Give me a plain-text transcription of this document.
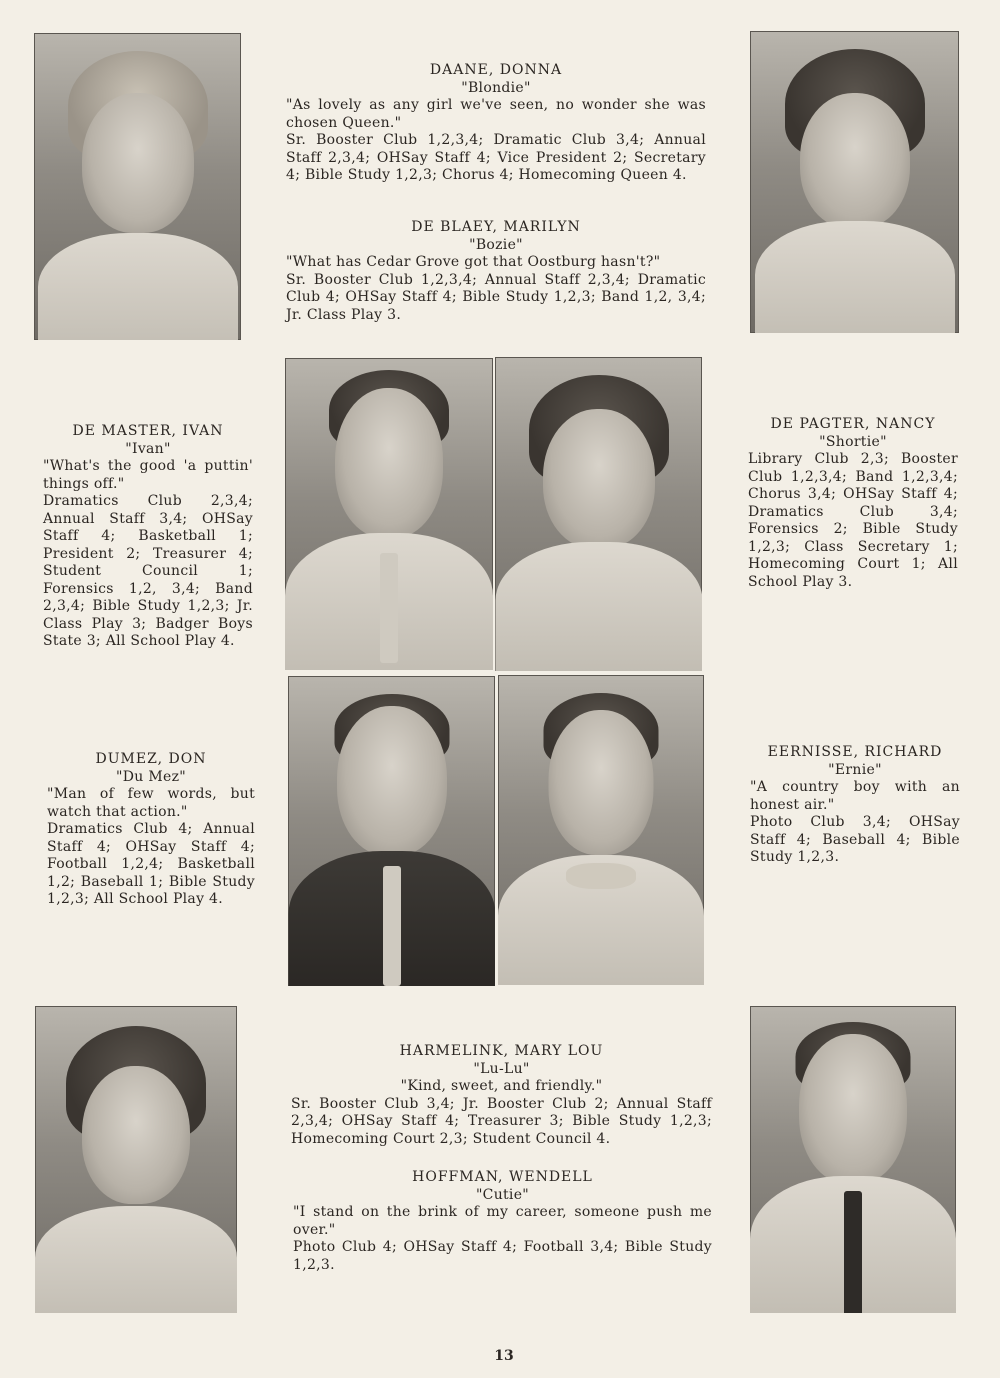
DAANE, DONNA
"Blondie"

"As lovely as any girl we've seen, no wonder she was chosen Queen."

Sr. Booster Club 1,2,3,4; Dramatic Club 3,4; Annual Staff 2,3,4; OHSay Staff 4; Vice President 2; Secretary 4; Bible Study 1,2,3; Chorus 4; Homecoming Queen 4.

DE BLAEY, MARILYN
"Bozie"

"What has Cedar Grove got that Oostburg hasn't?"

Sr. Booster Club 1,2,3,4; Annual Staff 2,3,4; Dramatic Club 4; OHSay Staff 4; Bible Study 1,2,3; Band 1,2, 3,4; Jr. Class Play 3.

DE MASTER, IVAN
"Ivan"

"What's the good 'a puttin' things off."

Dramatics Club 2,3,4; Annual Staff 3,4; OHSay Staff 4; Basketball 1; President 2; Treasurer 4; Student Council 1; Forensics 1,2, 3,4; Band 2,3,4; Bible Study 1,2,3; Jr. Class Play 3; Badger Boys State 3; All School Play 4.

DE PAGTER, NANCY
"Shortie"

Library Club 2,3; Booster Club 1,2,3,4; Band 1,2,3,4; Chorus 3,4; OHSay Staff 4; Dramatics Club 3,4; Forensics 2; Bible Study 1,2,3; Class Secretary 1; Homecoming Court 1; All School Play 3.

DUMEZ, DON
"Du Mez"

"Man of few words, but watch that action."

Dramatics Club 4; Annual Staff 4; OHSay Staff 4; Football 1,2,4; Basketball 1,2; Baseball 1; Bible Study 1,2,3; All School Play 4.

EERNISSE, RICHARD
"Ernie"

"A country boy with an honest air."

Photo Club 3,4; OHSay Staff 4; Baseball 4; Bible Study 1,2,3.

HARMELINK, MARY LOU
"Lu-Lu"
"Kind, sweet, and friendly."

Sr. Booster Club 3,4; Jr. Booster Club 2; Annual Staff 2,3,4; OHSay Staff 4; Treasurer 3; Bible Study 1,2,3; Homecoming Court 2,3; Student Council 4.

HOFFMAN, WENDELL
"Cutie"

"I stand on the brink of my career, someone push me over."

Photo Club 4; OHSay Staff 4; Football 3,4; Bible Study 1,2,3.

13
